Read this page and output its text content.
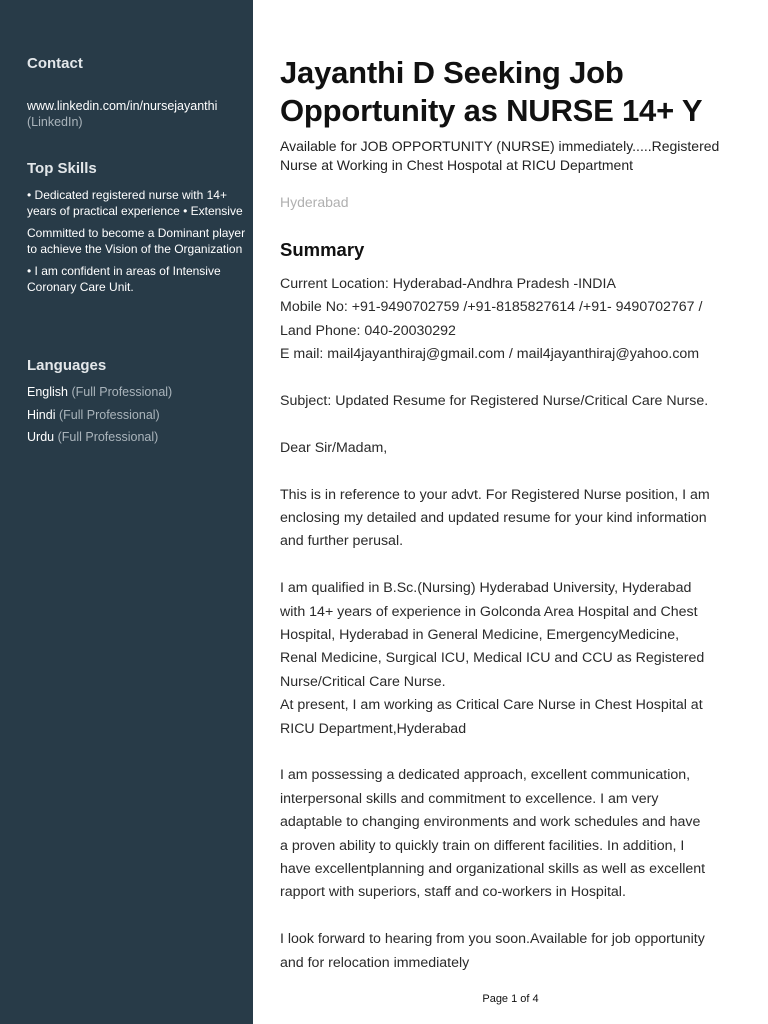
Contact
www.linkedin.com/in/nursejayanthi
(LinkedIn)
Top Skills
• Dedicated registered nurse with 14+ years of practical experience • Extensive
Committed to become a Dominant player to achieve the Vision of the Organization
• I am confident in areas of Intensive Coronary Care Unit.
Languages
English (Full Professional)
Hindi (Full Professional)
Urdu (Full Professional)
Jayanthi D Seeking Job Opportunity as NURSE 14+ Y
Available for JOB OPPORTUNITY (NURSE) immediately.....Registered Nurse at Working in Chest Hospotal at RICU Department
Hyderabad
Summary

Current Location: Hyderabad-Andhra Pradesh -INDIA

Mobile No: +91-9490702759 /+91-8185827614 /+91- 9490702767 /

Land Phone: 040-20030292

E mail: mail4jayanthiraj@gmail.com / mail4jayanthiraj@yahoo.com

Subject: Updated Resume for Registered Nurse/Critical Care Nurse.

Dear Sir/Madam,

This is in reference to your advt. For Registered Nurse position, I am

enclosing my detailed and updated resume for your kind information

and further perusal.

I am qualified in B.Sc.(Nursing) Hyderabad University, Hyderabad

with 14+ years of experience in Golconda Area Hospital and Chest

Hospital, Hyderabad in General Medicine, EmergencyMedicine,

Renal Medicine, Surgical ICU, Medical ICU and CCU as Registered

Nurse/Critical Care Nurse.

At present, I am working as Critical Care Nurse in Chest Hospital at

RICU Department,Hyderabad

I am possessing a dedicated approach, excellent communication,

interpersonal skills and commitment to excellence. I am very

adaptable to changing environments and work schedules and have

a proven ability to quickly train on different facilities. In addition, I

have excellentplanning and organizational skills as well as excellent

rapport with superiors, staff and co-workers in Hospital.

I look forward to hearing from you soon.Available for job opportunity

and for relocation immediately

Page 1 of 4
